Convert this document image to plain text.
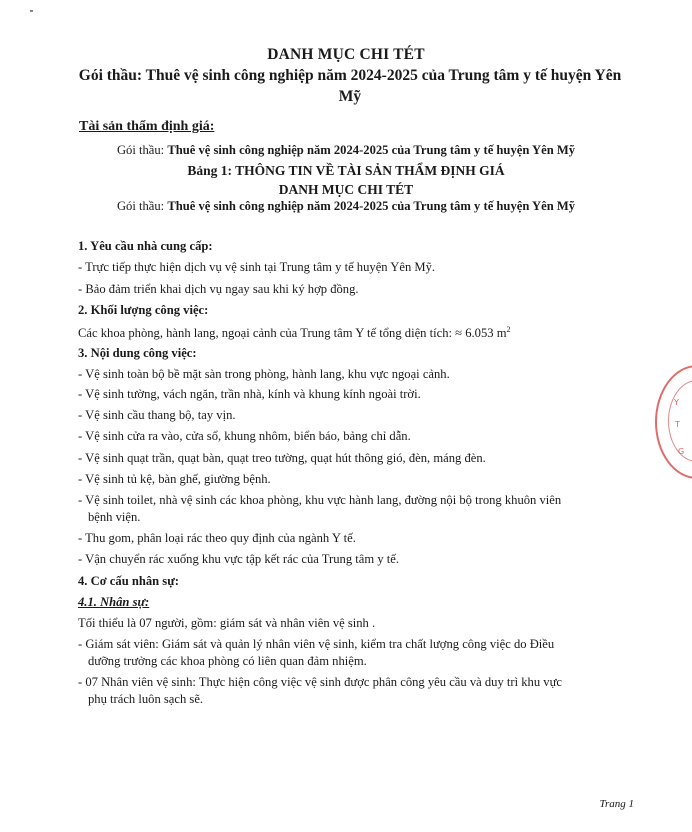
DANH MỤC CHI TÉT
Gói thầu: Thuê vệ sinh công nghiệp năm 2024-2025 của Trung tâm y tế huyện Yên Mỹ
Tài sản thẩm định giá:
Gói thầu: Thuê vệ sinh công nghiệp năm 2024-2025 của Trung tâm y tế huyện Yên Mỹ
Bảng 1: THÔNG TIN VỀ TÀI SẢN THẨM ĐỊNH GIÁ
DANH MỤC CHI TÉT
Gói thầu: Thuê vệ sinh công nghiệp năm 2024-2025 của Trung tâm y tế huyện Yên Mỹ
1. Yêu cầu nhà cung cấp:
- Trực tiếp thực hiện dịch vụ vệ sinh tại Trung tâm y tế huyện Yên Mỹ.
- Bảo đảm triển khai dịch vụ ngay sau khi ký hợp đồng.
2. Khối lượng công việc:
Các khoa phòng, hành lang, ngoại cảnh của Trung tâm Y tế tổng diện tích: ≈ 6.053 $m^2$
3. Nội dung công việc:
- Vệ sinh toàn bộ bề mặt sàn trong phòng, hành lang, khu vực ngoại cảnh.
- Vệ sinh tường, vách ngăn, trần nhà, kính và khung kính ngoài trời.
- Vệ sinh cầu thang bộ, tay vịn.
- Vệ sinh cửa ra vào, cửa sổ, khung nhôm, biển báo, bảng chỉ dẫn.
- Vệ sinh quạt trần, quạt bàn, quạt treo tường, quạt hút thông gió, đèn, máng đèn.
- Vệ sinh tủ kệ, bàn ghế, giường bệnh.
- Vệ sinh toilet, nhà vệ sinh các khoa phòng, khu vực hành lang, đường nội bộ trong khuôn viên
bệnh viện.
- Thu gom, phân loại rác theo quy định của ngành Y tế.
- Vận chuyển rác xuống khu vực tập kết rác của Trung tâm y tế.
4. Cơ cấu nhân sự:
4.1. Nhân sự:
Tối thiểu là 07 người, gồm: giám sát và nhân viên vệ sinh .
- Giám sát viên: Giám sát và quản lý nhân viên vệ sinh, kiểm tra chất lượng công việc do Điều
dưỡng trưởng các khoa phòng có liên quan đảm nhiệm.
- 07 Nhân viên vệ sinh: Thực hiện công việc vệ sinh được phân công yêu cầu và duy trì khu vực
phụ trách luôn sạch sẽ.
Trang 1
Y
T
G
